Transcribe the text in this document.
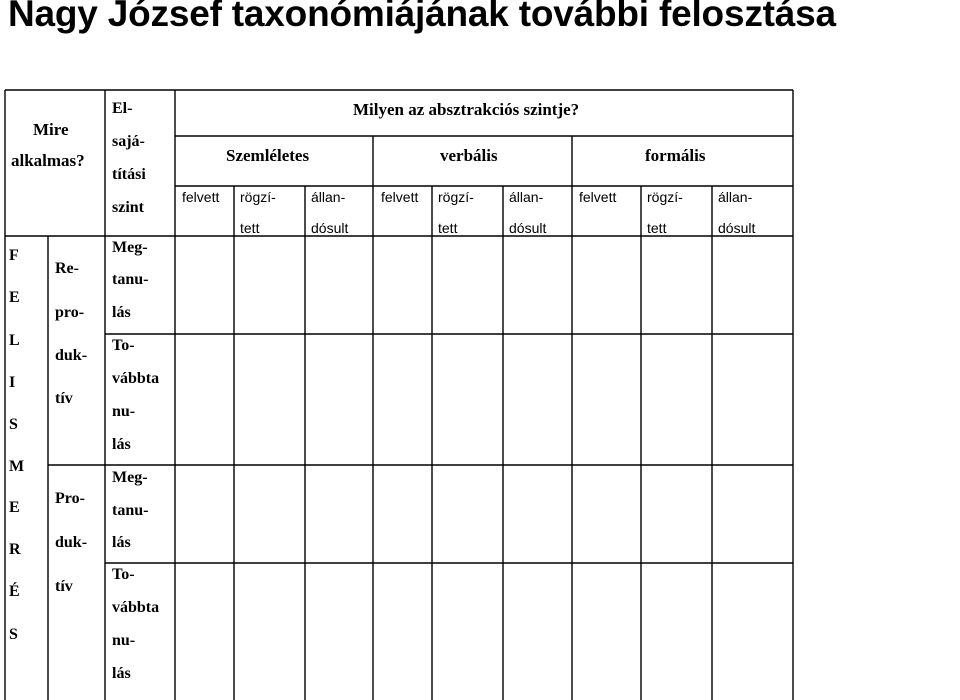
Nagy József taxonómiájának további felosztása
Mire
alkalmas?
El-
sajá-
títási
szint
Milyen az absztrakciós szintje?
Szemléletes	verbális	formális
felvett rögzí-
tett
állan-
dósult
felvett rögzí-
tett
állan-
dósult
felvett rögzí-
tett
állan-
dósult
F
E
L
I
S
M
E
R
É
S
Re-
pro-
duk-
tív
Pro-
duk-
tív
Meg-
tanu-
lás
To-
vábbta
nu-
lás
Meg-
tanu-
lás
To-
vábbta
nu-
lás
